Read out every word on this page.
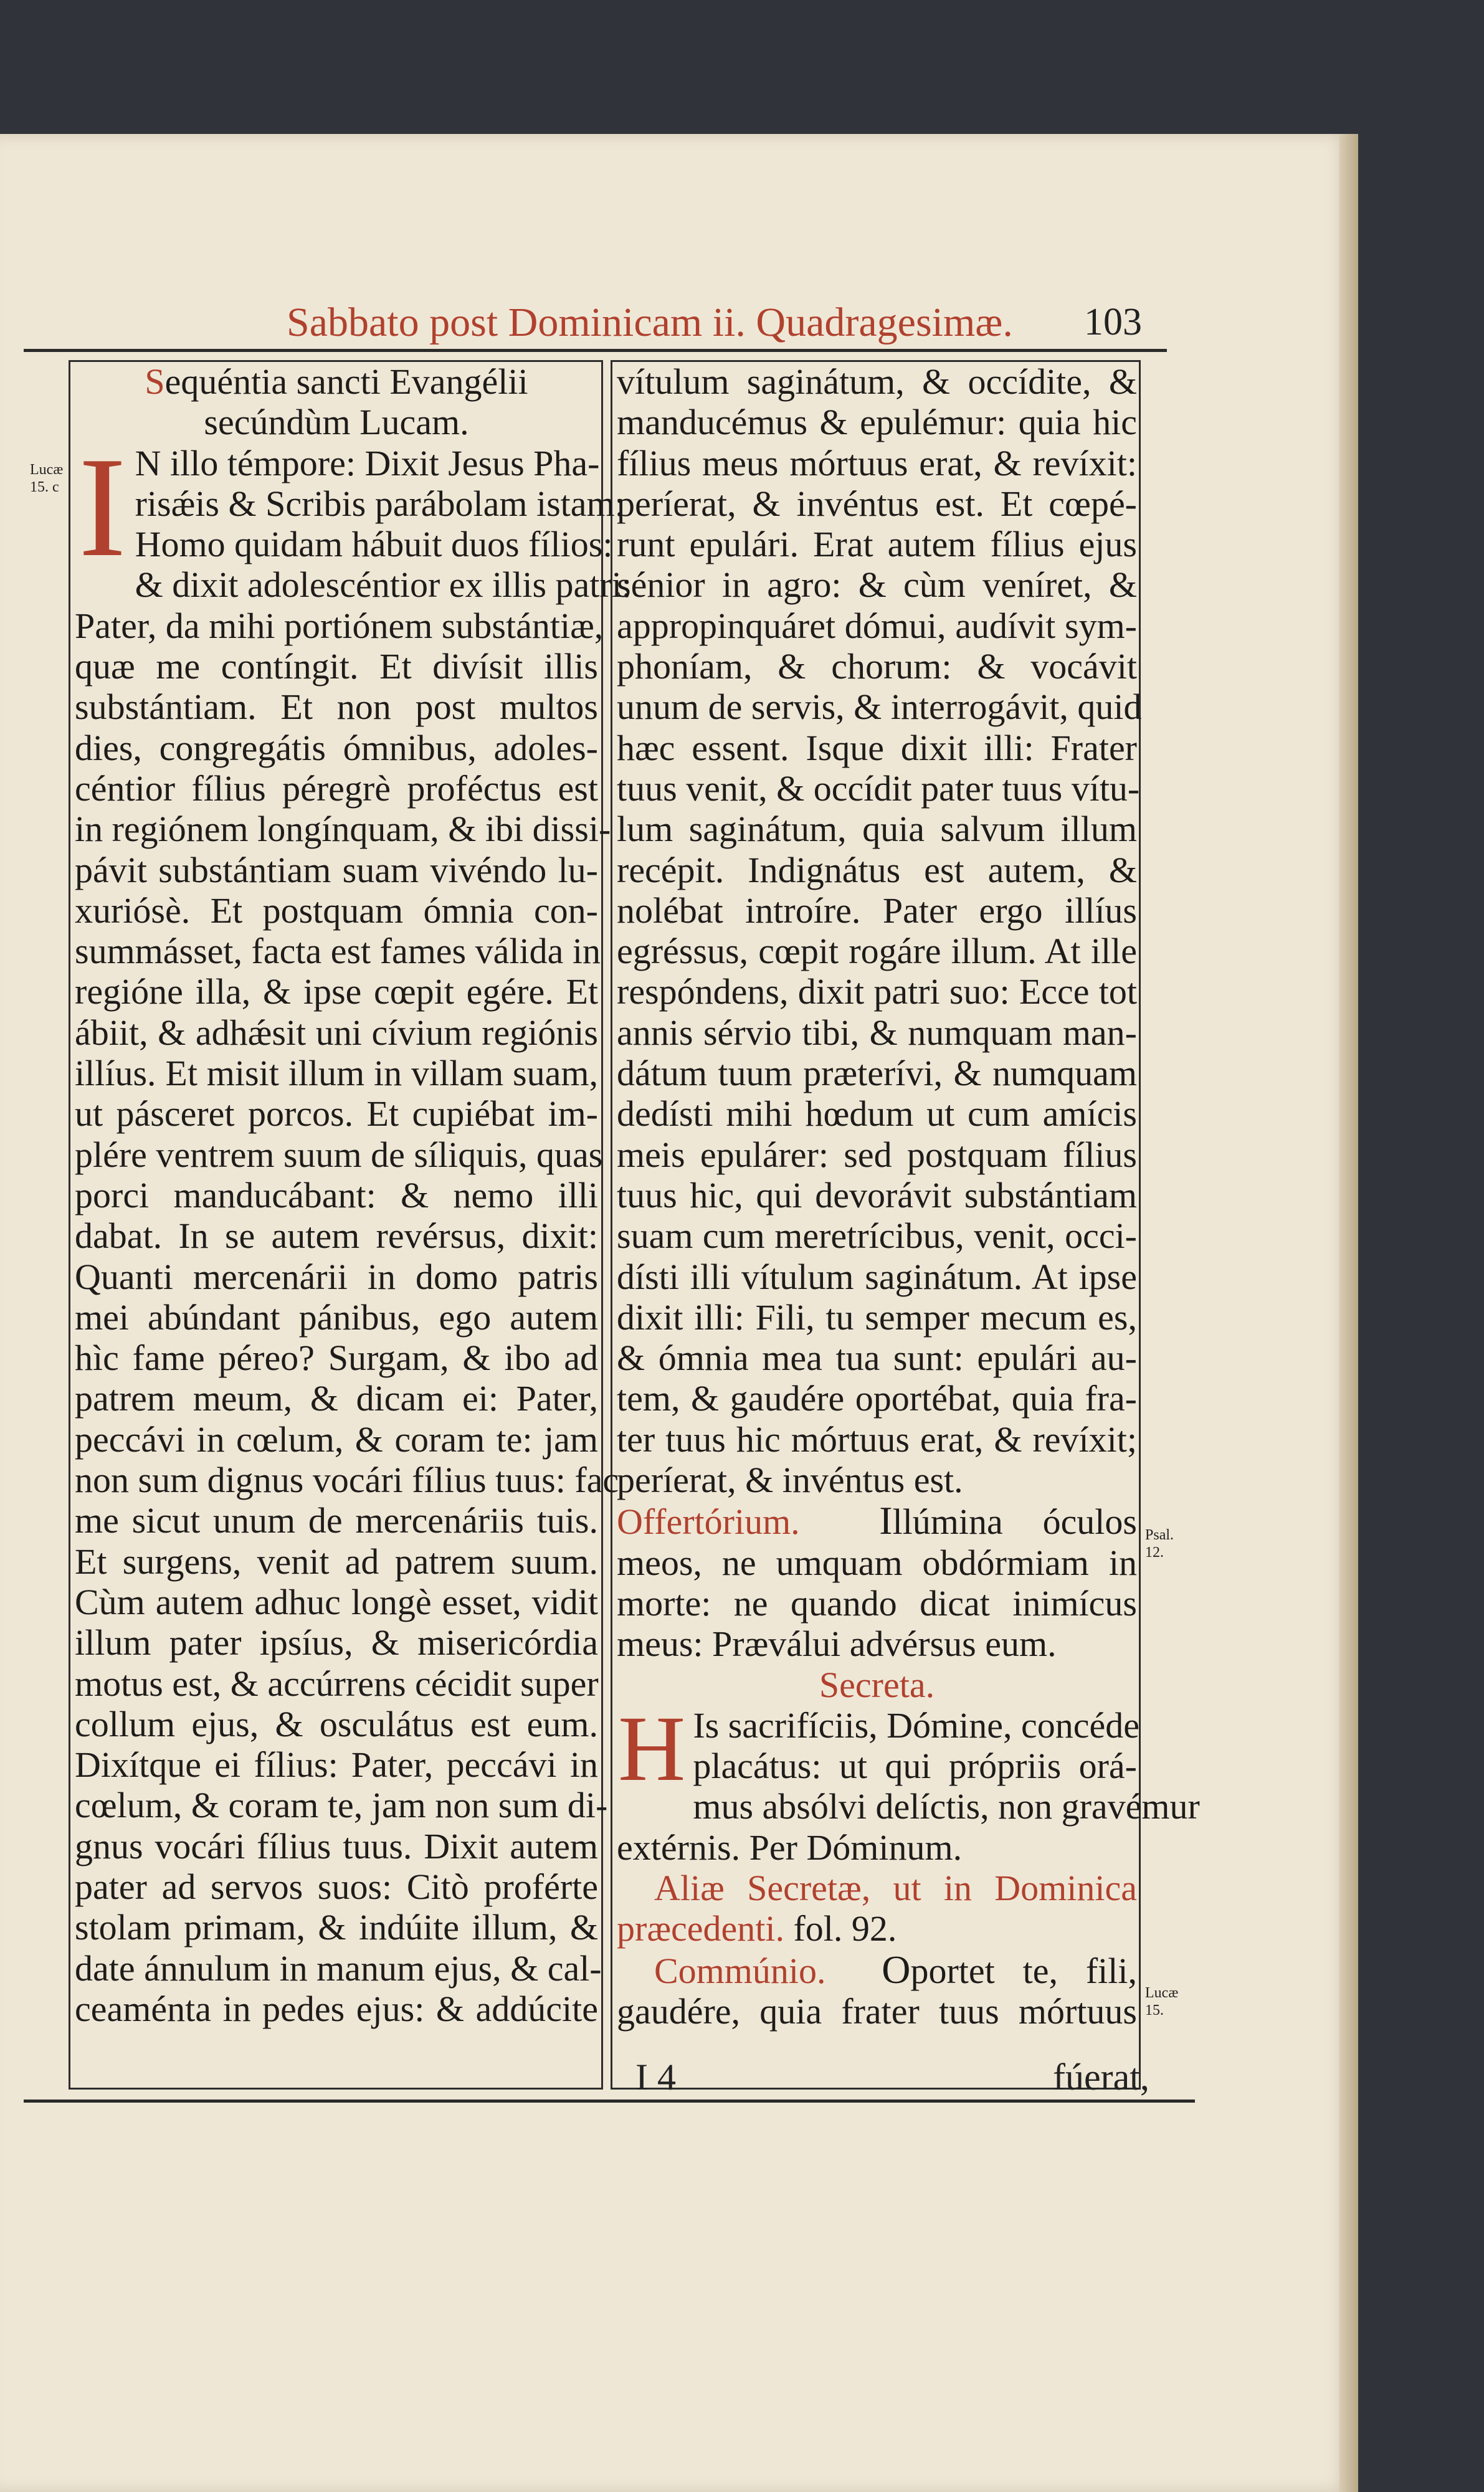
Sabbato post Dominicam ii. Quadragesimæ. 103
Lucæ 15. c
Psal. 12.
Lucæ 15.

Sequéntia sancti Evangélii
secúndùm Lucam.

I N illo témpore: Dixit Jesus Pha-
risǽis & Scribis parábolam istam:
Homo quidam hábuit duos fílios:
& dixit adolescéntior ex illis patri:
Pater, da mihi portiónem substántiæ,
quæ me contíngit. Et divísit illis
substántiam. Et non post multos
dies, congregátis ómnibus, adoles-
céntior fílius péregrè proféctus est
in regiónem longínquam, & ibi dissi-
pávit substántiam suam vivéndo lu-
xuriósè. Et postquam ómnia con-
summásset, facta est fames válida in
regióne illa, & ipse cœpit egére. Et
ábiit, & adhǽsit uni cívium regiónis
illíus. Et misit illum in villam suam,
ut pásceret porcos. Et cupiébat im-
plére ventrem suum de síliquis, quas
porci manducábant: & nemo illi
dabat. In se autem revérsus, dixit:
Quanti mercenárii in domo patris
mei abúndant pánibus, ego autem
hìc fame péreo? Surgam, & ibo ad
patrem meum, & dicam ei: Pater,
peccávi in cœlum, & coram te: jam
non sum dignus vocári fílius tuus: fac
me sicut unum de mercenáriis tuis.
Et surgens, venit ad patrem suum.
Cùm autem adhuc longè esset, vidit
illum pater ipsíus, & misericórdia
motus est, & accúrrens cécidit super
collum ejus, & osculátus est eum.
Dixítque ei fílius: Pater, peccávi in
cœlum, & coram te, jam non sum di-
gnus vocári fílius tuus. Dixit autem
pater ad servos suos: Citò proférte
stolam primam, & indúite illum, &
date ánnulum in manum ejus, & cal-
ceaménta in pedes ejus: & addúcite

vítulum saginátum, & occídite, &
manducémus & epulémur: quia hic
fílius meus mórtuus erat, & revíxit:
períerat, & invéntus est. Et cœpé-
runt epulári. Erat autem fílius ejus
sénior in agro: & cùm veníret, &
appropinquáret dómui, audívit sym-
phoníam, & chorum: & vocávit
unum de servis, & interrogávit, quid
hæc essent. Isque dixit illi: Frater
tuus venit, & occídit pater tuus vítu-
lum saginátum, quia salvum illum
recépit. Indignátus est autem, &
nolébat introíre. Pater ergo illíus
egréssus, cœpit rogáre illum. At ille
respóndens, dixit patri suo: Ecce tot
annis sérvio tibi, & numquam man-
dátum tuum præterívi, & numquam
dedísti mihi hœdum ut cum amícis
meis epulárer: sed postquam fílius
tuus hic, qui devorávit substántiam
suam cum meretrícibus, venit, occi-
dísti illi vítulum saginátum. At ipse
dixit illi: Fili, tu semper mecum es,
& ómnia mea tua sunt: epulári au-
tem, & gaudére oportébat, quia fra-
ter tuus hic mórtuus erat, & revíxit;
períerat, & invéntus est.

Offertórium. Illúmina óculos

meos, ne umquam obdórmiam in
morte: ne quando dicat inimícus
meus: Præválui advérsus eum.

Secreta.

H Is sacrifíciis, Dómine, concéde
placátus: ut qui própriis orá-
mus absólvi delíctis, non gravémur
extérnis. Per Dóminum.

Aliæ Secretæ, ut in Dominica
præcedenti. fol. 92.

Commúnio. Oportet te, fili,
gaudére, quia frater tuus mórtuus

I 4	fúerat,
